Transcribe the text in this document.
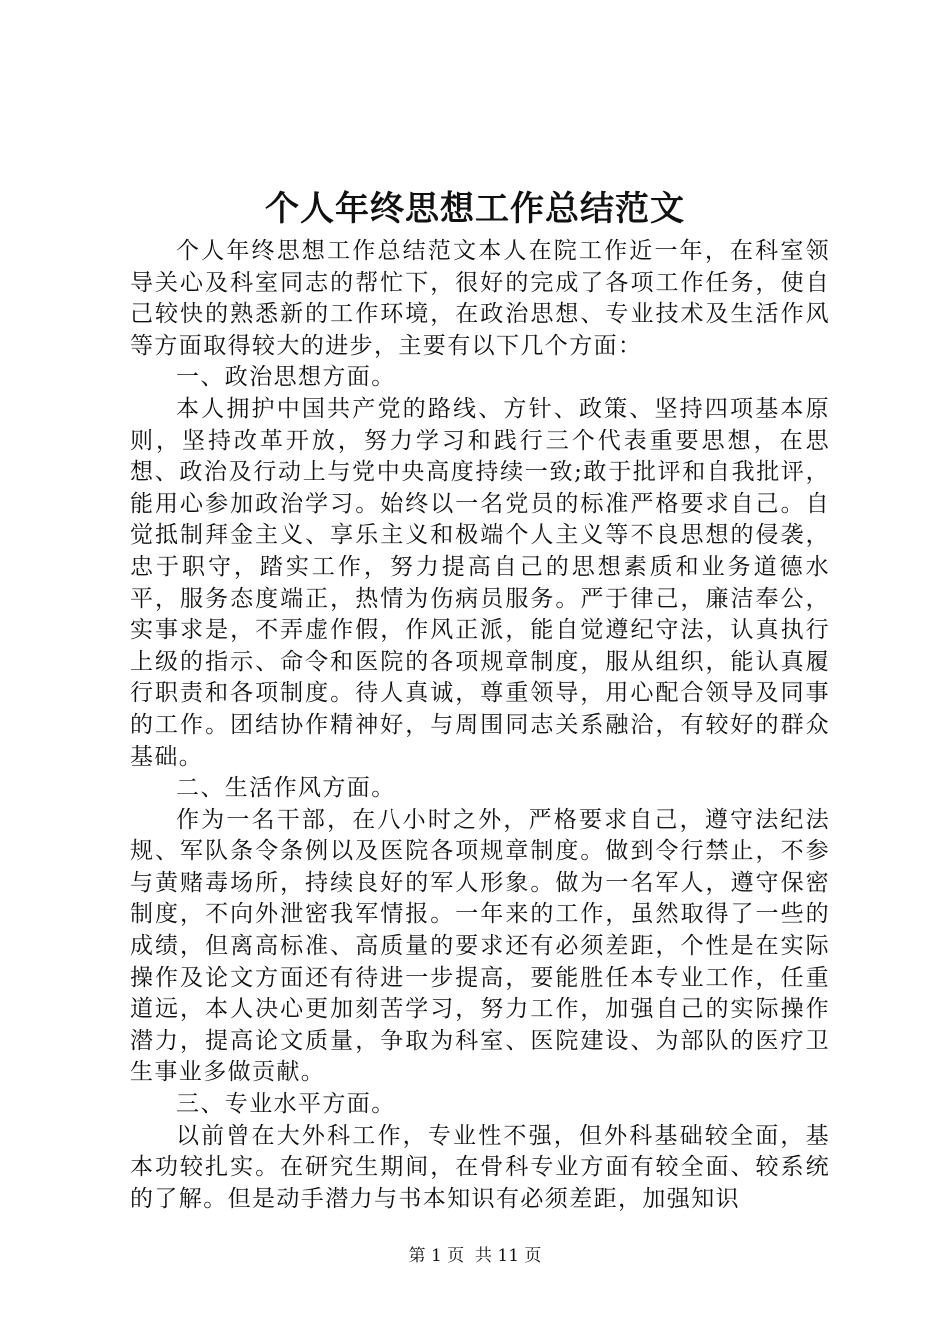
个人年终思想工作总结范文

个人年终思想工作总结范文本人在院工作近一年，在科室领导关心及科室同志的帮忙下，很好的完成了各项工作任务，使自己较快的熟悉新的工作环境，在政治思想、专业技术及生活作风等方面取得较大的进步，主要有以下几个方面：

一、政治思想方面。

本人拥护中国共产党的路线、方针、政策、坚持四项基本原则，坚持改革开放，努力学习和践行三个代表重要思想，在思想、政治及行动上与党中央高度持续一致;敢于批评和自我批评，能用心参加政治学习。始终以一名党员的标准严格要求自己。自觉抵制拜金主义、享乐主义和极端个人主义等不良思想的侵袭，忠于职守，踏实工作，努力提高自己的思想素质和业务道德水平，服务态度端正，热情为伤病员服务。严于律己，廉洁奉公，实事求是，不弄虚作假，作风正派，能自觉遵纪守法，认真执行上级的指示、命令和医院的各项规章制度，服从组织，能认真履行职责和各项制度。待人真诚，尊重领导，用心配合领导及同事的工作。团结协作精神好，与周围同志关系融洽，有较好的群众基础。

二、生活作风方面。

作为一名干部，在八小时之外，严格要求自己，遵守法纪法规、军队条令条例以及医院各项规章制度。做到令行禁止，不参与黄赌毒场所，持续良好的军人形象。做为一名军人，遵守保密制度，不向外泄密我军情报。一年来的工作，虽然取得了一些的成绩，但离高标准、高质量的要求还有必须差距，个性是在实际操作及论文方面还有待进一步提高，要能胜任本专业工作，任重道远，本人决心更加刻苦学习，努力工作，加强自己的实际操作潜力，提高论文质量，争取为科室、医院建设、为部队的医疗卫生事业多做贡献。

三、专业水平方面。

以前曾在大外科工作，专业性不强，但外科基础较全面，基本功较扎实。在研究生期间，在骨科专业方面有较全面、较系统的了解。但是动手潜力与书本知识有必须差距，加强知识

第 1 页 共 11 页
